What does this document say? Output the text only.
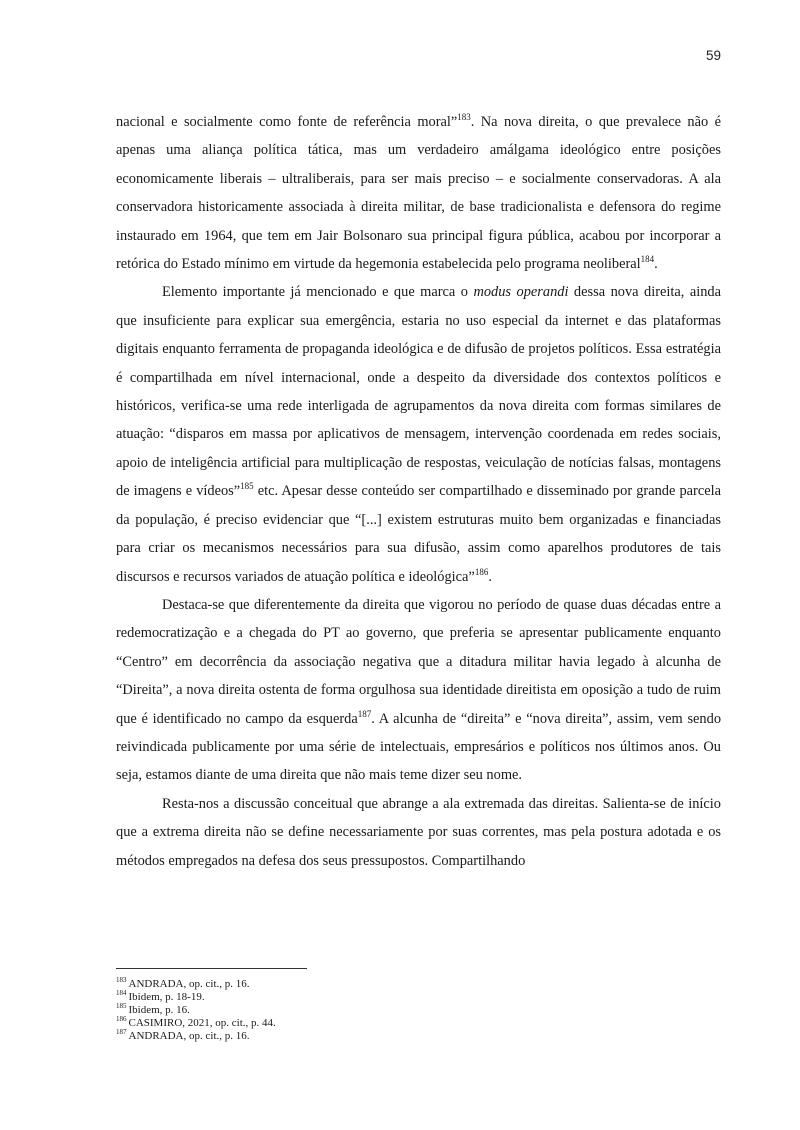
59

nacional e socialmente como fonte de referência moral”$^{183}$. Na nova direita, o que prevalece não é apenas uma aliança política tática, mas um verdadeiro amálgama ideológico entre posições economicamente liberais – ultraliberais, para ser mais preciso – e socialmente conservadoras. A ala conservadora historicamente associada à direita militar, de base tradicionalista e defensora do regime instaurado em 1964, que tem em Jair Bolsonaro sua principal figura pública, acabou por incorporar a retórica do Estado mínimo em virtude da hegemonia estabelecida pelo programa neoliberal$^{184}$.

Elemento importante já mencionado e que marca o modus operandi dessa nova direita, ainda que insuficiente para explicar sua emergência, estaria no uso especial da internet e das plataformas digitais enquanto ferramenta de propaganda ideológica e de difusão de projetos políticos. Essa estratégia é compartilhada em nível internacional, onde a despeito da diversidade dos contextos políticos e históricos, verifica-se uma rede interligada de agrupamentos da nova direita com formas similares de atuação: “disparos em massa por aplicativos de mensagem, intervenção coordenada em redes sociais, apoio de inteligência artificial para multiplicação de respostas, veiculação de notícias falsas, montagens de imagens e vídeos”$^{185}$ etc. Apesar desse conteúdo ser compartilhado e disseminado por grande parcela da população, é preciso evidenciar que “[...] existem estruturas muito bem organizadas e financiadas para criar os mecanismos necessários para sua difusão, assim como aparelhos produtores de tais discursos e recursos variados de atuação política e ideológica”$^{186}$.

Destaca-se que diferentemente da direita que vigorou no período de quase duas décadas entre a redemocratização e a chegada do PT ao governo, que preferia se apresentar publicamente enquanto “Centro” em decorrência da associação negativa que a ditadura militar havia legado à alcunha de “Direita”, a nova direita ostenta de forma orgulhosa sua identidade direitista em oposição a tudo de ruim que é identificado no campo da esquerda$^{187}$. A alcunha de “direita” e “nova direita”, assim, vem sendo reivindicada publicamente por uma série de intelectuais, empresários e políticos nos últimos anos. Ou seja, estamos diante de uma direita que não mais teme dizer seu nome.

Resta-nos a discussão conceitual que abrange a ala extremada das direitas. Salienta-se de início que a extrema direita não se define necessariamente por suas correntes, mas pela postura adotada e os métodos empregados na defesa dos seus pressupostos. Compartilhando

$^{183}$ ANDRADA, op. cit., p. 16.

$^{184}$ Ibidem, p. 18-19.

$^{185}$ Ibidem, p. 16.

$^{186}$ CASIMIRO, 2021, op. cit., p. 44.

$^{187}$ ANDRADA, op. cit., p. 16.
